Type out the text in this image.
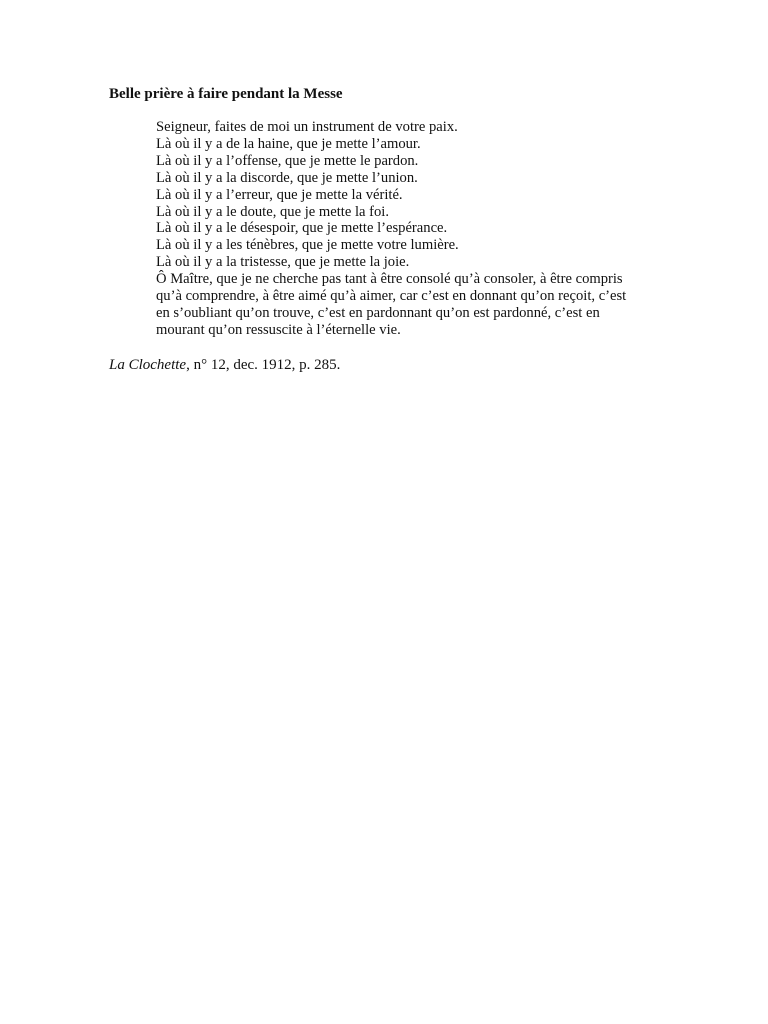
Belle prière à faire pendant la Messe
Seigneur, faites de moi un instrument de votre paix.
Là où il y a de la haine, que je mette l’amour.
Là où il y a l’offense, que je mette le pardon.
Là où il y a la discorde, que je mette l’union.
Là où il y a l’erreur, que je mette la vérité.
Là où il y a le doute, que je mette la foi.
Là où il y a le désespoir, que je mette l’espérance.
Là où il y a les ténèbres, que je mette votre lumière.
Là où il y a la tristesse, que je mette la joie.
Ô Maître, que je ne cherche pas tant à être consolé qu’à consoler, à être compris
qu’à comprendre, à être aimé qu’à aimer, car c’est en donnant qu’on reçoit, c’est
en s’oubliant qu’on trouve, c’est en pardonnant qu’on est pardonné, c’est en
mourant qu’on ressuscite à l’éternelle vie.
La Clochette, n° 12, dec. 1912, p. 285.
